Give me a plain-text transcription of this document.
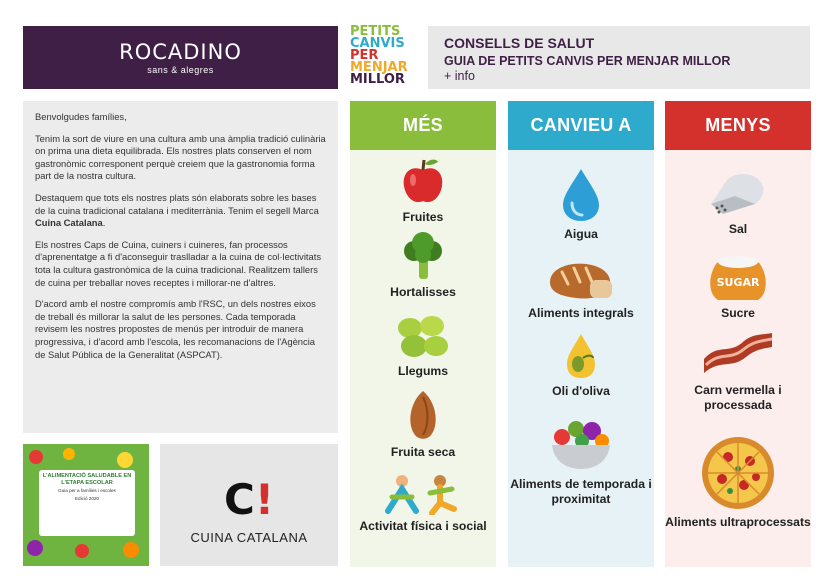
ROCADINO
sans & alegres
PETITS
CANVIS
PER
MENJAR
MILLOR
CONSELLS DE SALUT
GUIA DE PETITS CANVIS PER MENJAR MILLOR
+ info

Benvolgudes famílies,

Tenim la sort de viure en una cultura amb una àmplia tradició culinària on prima una dieta equilibrada. Els nostres plats conserven el nom gastronòmic corresponent perquè creiem que la gastronomia forma part de la nostra cultura.

Destaquem que tots els nostres plats són elaborats sobre les bases de la cuina tradicional catalana i mediterrània. Tenim el segell Marca Cuina Catalana.

Els nostres Caps de Cuina, cuiners i cuineres, fan processos d'aprenentatge a fi d'aconseguir traslladar a la cuina de col·lectivitats tota la cultura gastronòmica de la cuina tradicional. Realitzem tallers de cuina per treballar noves receptes i millorar-ne d'altres.

D'acord amb el nostre compromís amb l'RSC, un dels nostres eixos de treball és millorar la salut de les persones. Cada temporada revisem les nostres propostes de menús per introduir de manera progressiva, i d'acord amb l'escola, les recomanacions de l'Agència de Salut Pública de la Generalitat (ASPCAT).

L'ALIMENTACIÓ SALUDABLE EN L'ETAPA ESCOLAR
Guia per a famílies i escoles
Edició 2020	C!
CUINA CATALANA
MÉS
Fruites
Hortalisses
Llegums
Fruita seca
Activitat física i social
CANVIEU A
Aigua
Aliments integrals
Oli d'oliva
Aliments de temporada i proximitat
MENYS
Sal
SUGAR
Sucre
Carn vermella i processada
Aliments ultraprocessats
